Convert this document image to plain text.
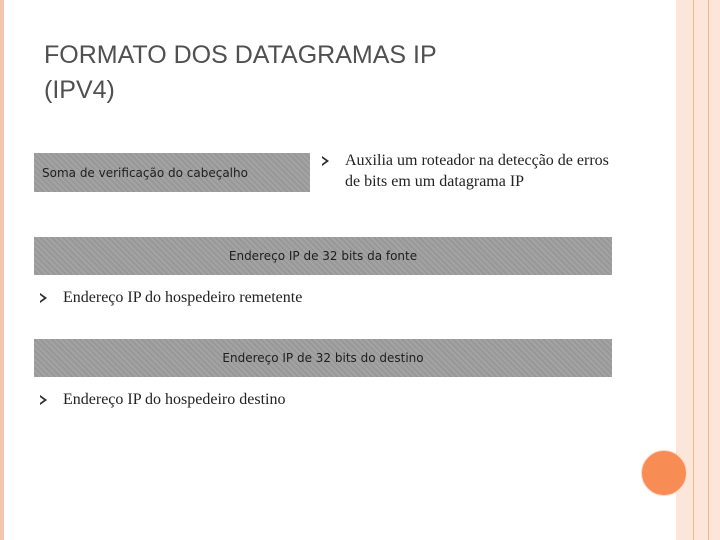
FORMATO DOS DATAGRAMAS IP
(IPV4)
Soma de verificação do cabeçalho
Auxilia um roteador na detecção de erros de bits em um datagrama IP
Endereço IP de 32 bits da fonte
Endereço IP do hospedeiro remetente
Endereço IP de 32 bits do destino
Endereço IP do hospedeiro destino
